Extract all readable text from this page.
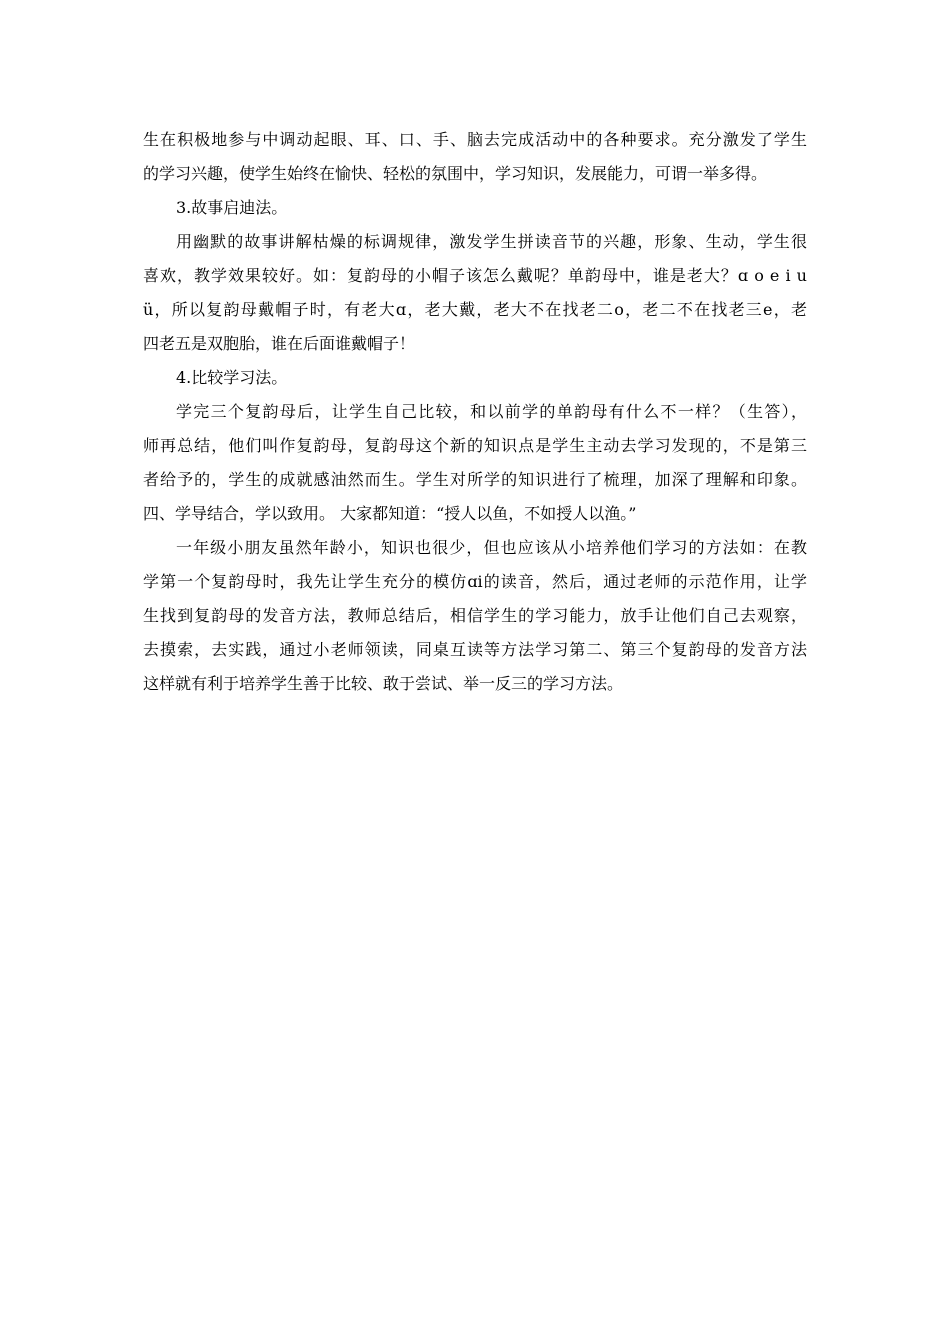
生在积极地参与中调动起眼、耳、口、手、脑去完成活动中的各种要求。充分激发了学生
的学习兴趣，使学生始终在愉快、轻松的氛围中，学习知识，发展能力，可谓一举多得。
3.故事启迪法。
用幽默的故事讲解枯燥的标调规律，激发学生拼读音节的兴趣，形象、生动，学生很
喜欢，教学效果较好。如：复韵母的小帽子该怎么戴呢？单韵母中，谁是老大？ɑ o e i u
ü，所以复韵母戴帽子时，有老大ɑ，老大戴，老大不在找老二o，老二不在找老三e，老
四老五是双胞胎，谁在后面谁戴帽子！
4.比较学习法。
学完三个复韵母后，让学生自己比较，和以前学的单韵母有什么不一样？（生答），
师再总结，他们叫作复韵母，复韵母这个新的知识点是学生主动去学习发现的，不是第三
者给予的，学生的成就感油然而生。学生对所学的知识进行了梳理，加深了理解和印象。
四、学导结合，学以致用。 大家都知道：“授人以鱼，不如授人以渔。”
一年级小朋友虽然年龄小，知识也很少，但也应该从小培养他们学习的方法如：在教
学第一个复韵母时，我先让学生充分的模仿ɑi的读音，然后，通过老师的示范作用，让学
生找到复韵母的发音方法，教师总结后，相信学生的学习能力，放手让他们自己去观察，
去摸索，去实践，通过小老师领读，同桌互读等方法学习第二、第三个复韵母的发音方法
这样就有利于培养学生善于比较、敢于尝试、举一反三的学习方法。
